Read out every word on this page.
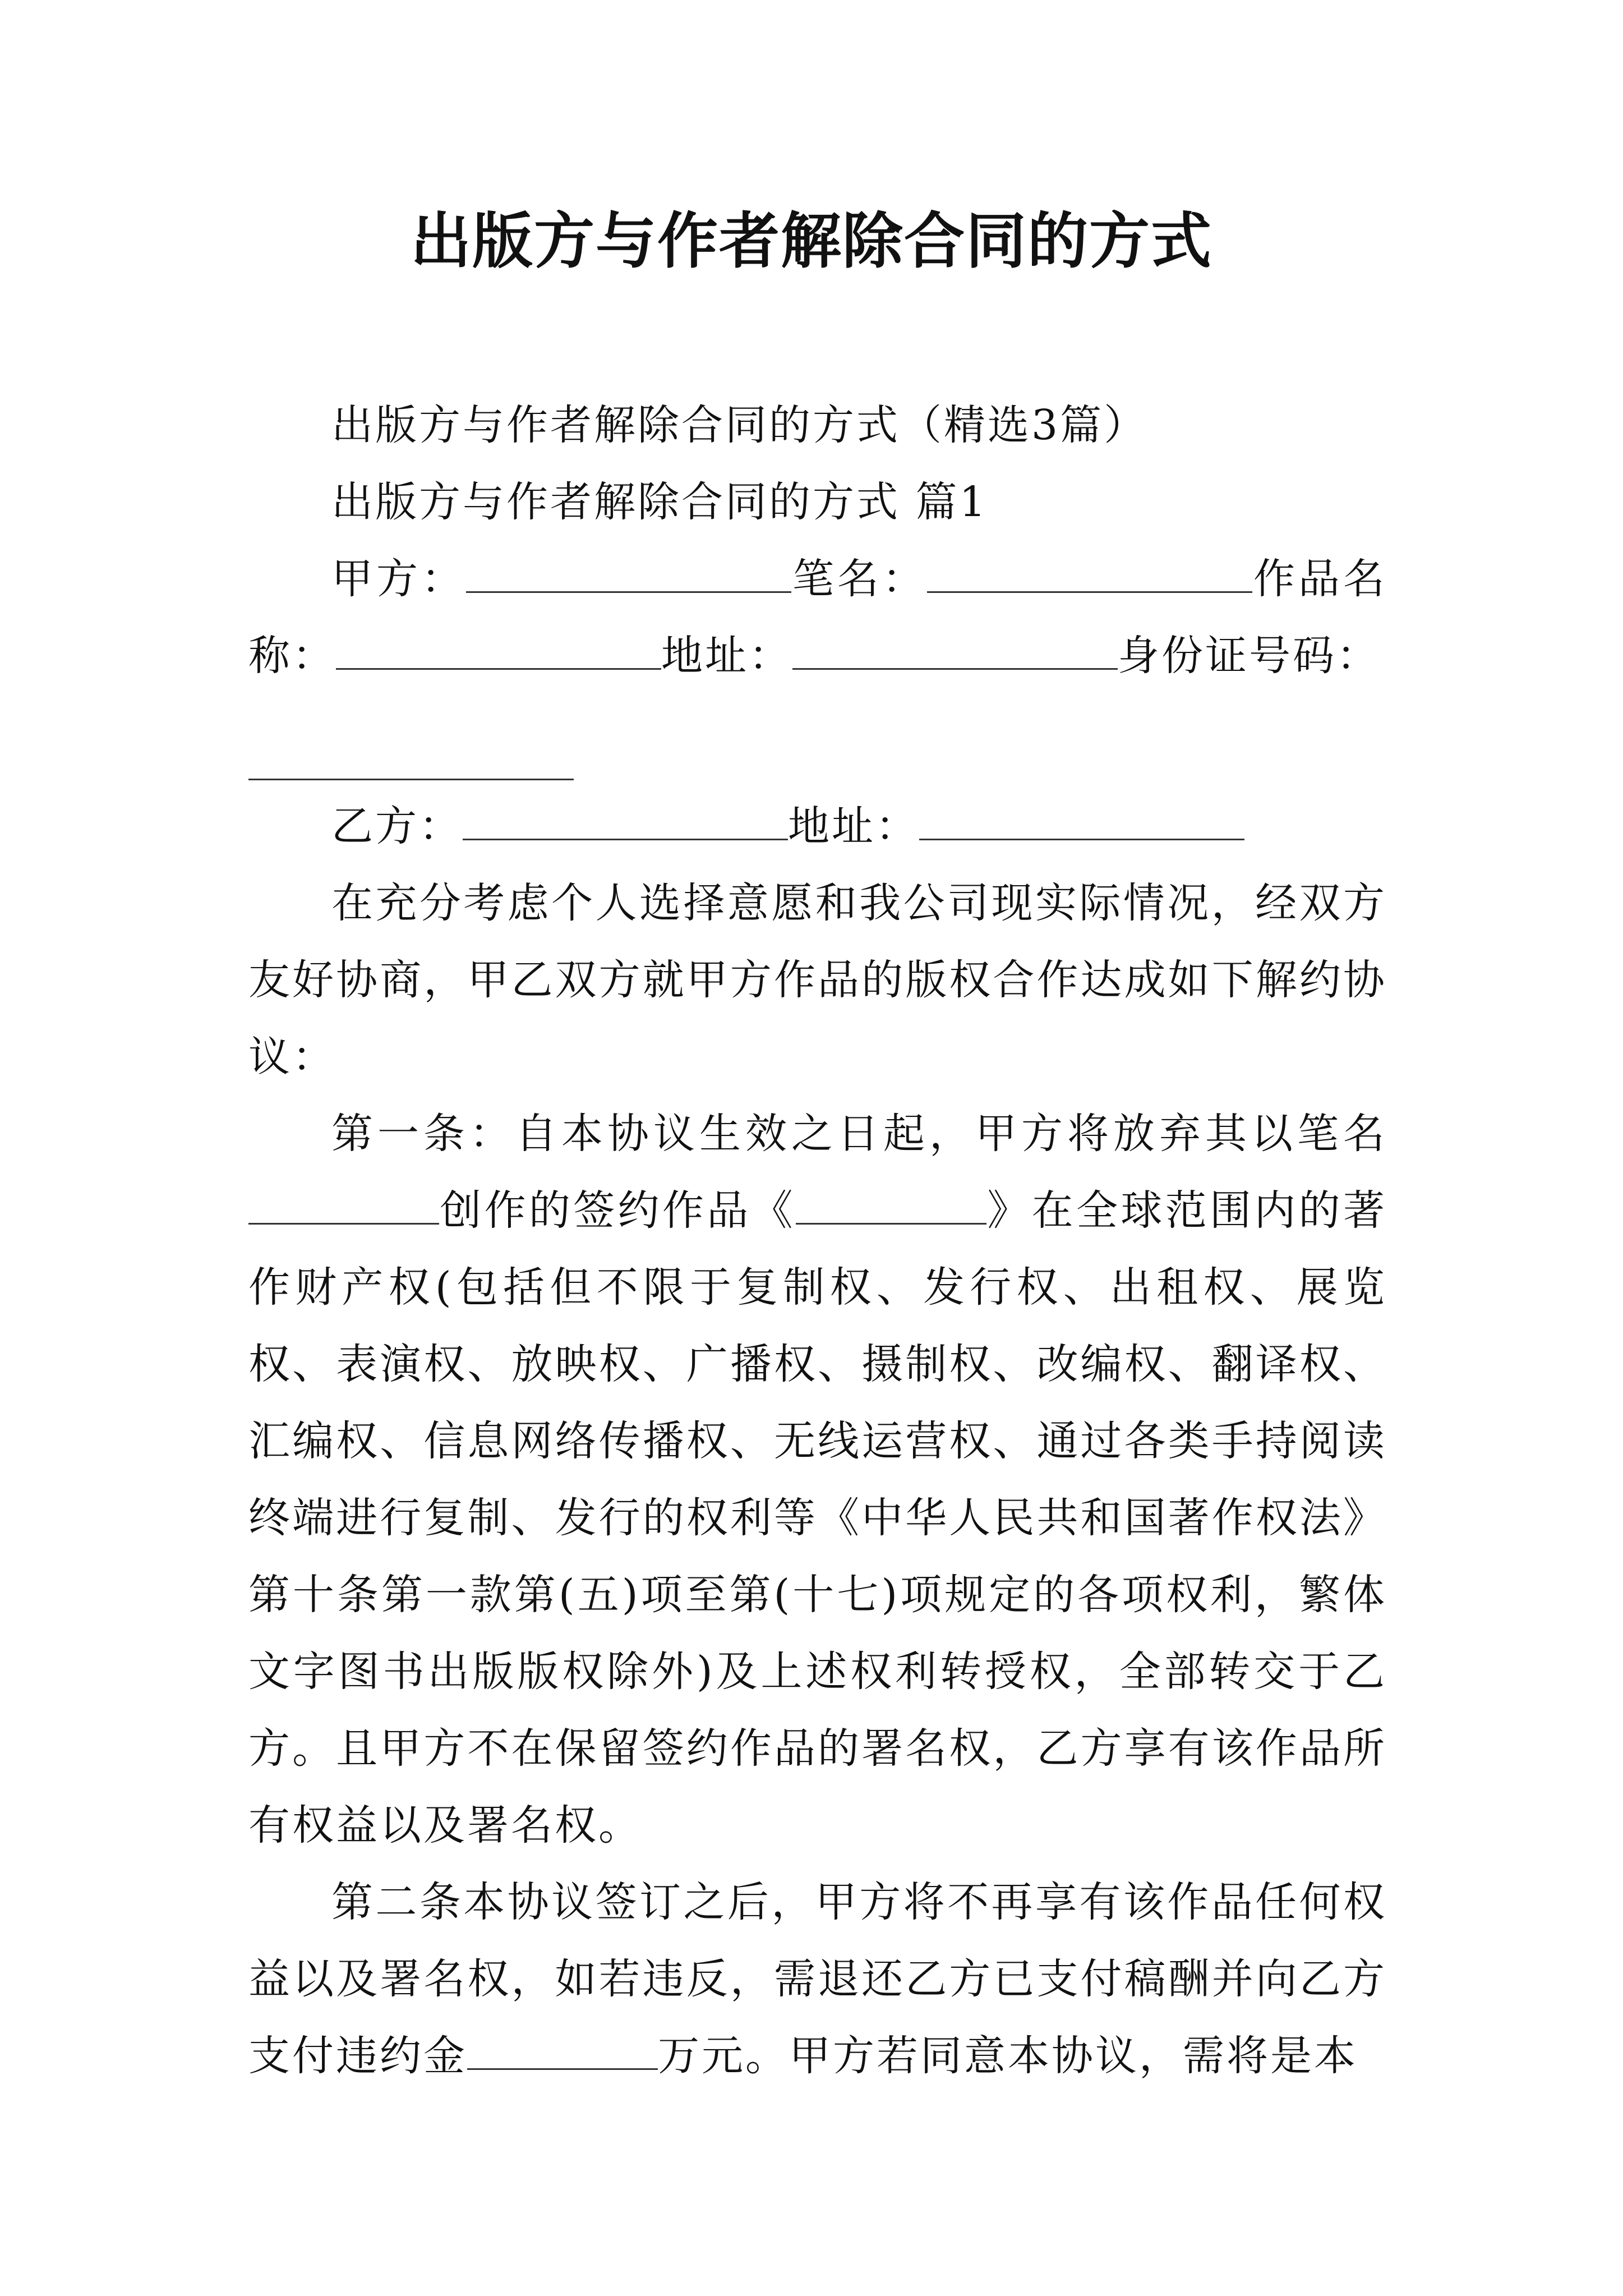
出版方与作者解除合同的方式

出版方与作者解除合同的方式（精选3篇）

出版方与作者解除合同的方式 篇1

甲方：	笔名：	作品名称：	地址：	身份证号码：

乙方：	地址：

在充分考虑个人选择意愿和我公司现实际情况，经双方友好协商，甲乙双方就甲方作品的版权合作达成如下解约协议：

第一条：自本协议生效之日起，甲方将放弃其以笔名创作的签约作品《	》在全球范围内的著作财产权(包括但不限于复制权、发行权、出租权、展览权、表演权、放映权、广播权、摄制权、改编权、翻译权、汇编权、信息网络传播权、无线运营权、通过各类手持阅读终端进行复制、发行的权利等《中华人民共和国著作权法》第十条第一款第(五)项至第(十七)项规定的各项权利，繁体文字图书出版版权除外)及上述权利转授权，全部转交于乙方。且甲方不在保留签约作品的署名权，乙方享有该作品所有权益以及署名权。

第二条本协议签订之后，甲方将不再享有该作品任何权益以及署名权，如若违反，需退还乙方已支付稿酬并向乙方支付违约金	万元。甲方若同意本协议，需将是本
